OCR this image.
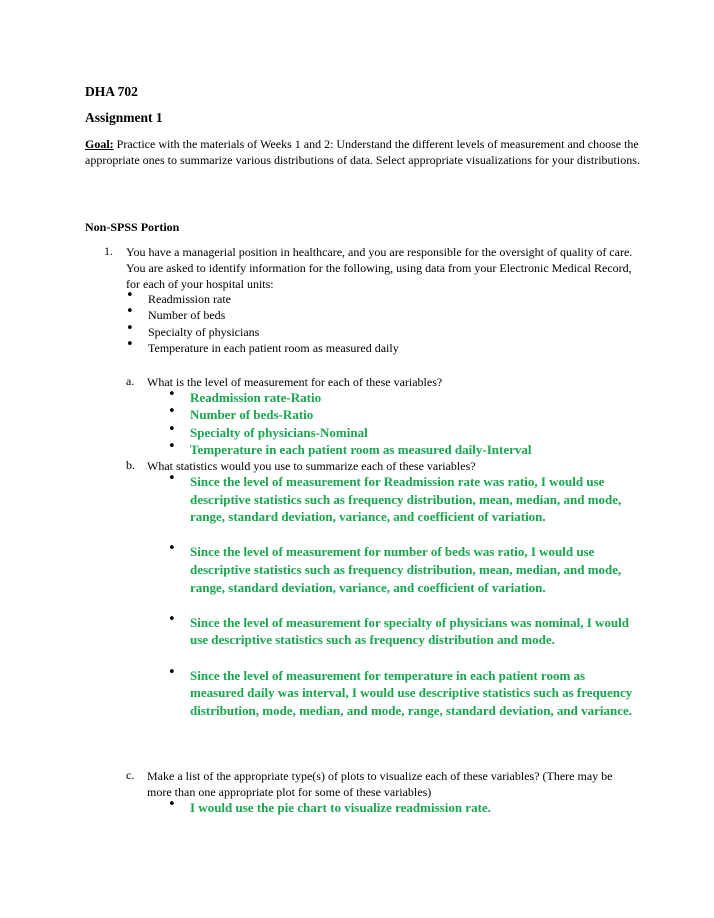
DHA 702
Assignment 1
Goal: Practice with the materials of Weeks 1 and 2: Understand the different levels of measurement and choose the appropriate ones to summarize various distributions of data. Select appropriate visualizations for your distributions.
Non-SPSS Portion
1. You have a managerial position in healthcare, and you are responsible for the oversight of quality of care. You are asked to identify information for the following, using data from your Electronic Medical Record, for each of your hospital units:
• Readmission rate
• Number of beds
• Specialty of physicians
• Temperature in each patient room as measured daily
a. What is the level of measurement for each of these variables?
• Readmission rate-Ratio
• Number of beds-Ratio
• Specialty of physicians-Nominal
• Temperature in each patient room as measured daily-Interval
b. What statistics would you use to summarize each of these variables?
• Since the level of measurement for Readmission rate was ratio, I would use descriptive statistics such as frequency distribution, mean, median, and mode, range, standard deviation, variance, and coefficient of variation.
• Since the level of measurement for number of beds was ratio, I would use descriptive statistics such as frequency distribution, mean, median, and mode, range, standard deviation, variance, and coefficient of variation.
• Since the level of measurement for specialty of physicians was nominal, I would use descriptive statistics such as frequency distribution and mode.
• Since the level of measurement for temperature in each patient room as measured daily was interval, I would use descriptive statistics such as frequency distribution, mode, median, and mode, range, standard deviation, and variance.
c. Make a list of the appropriate type(s) of plots to visualize each of these variables? (There may be more than one appropriate plot for some of these variables)
• I would use the pie chart to visualize readmission rate.
